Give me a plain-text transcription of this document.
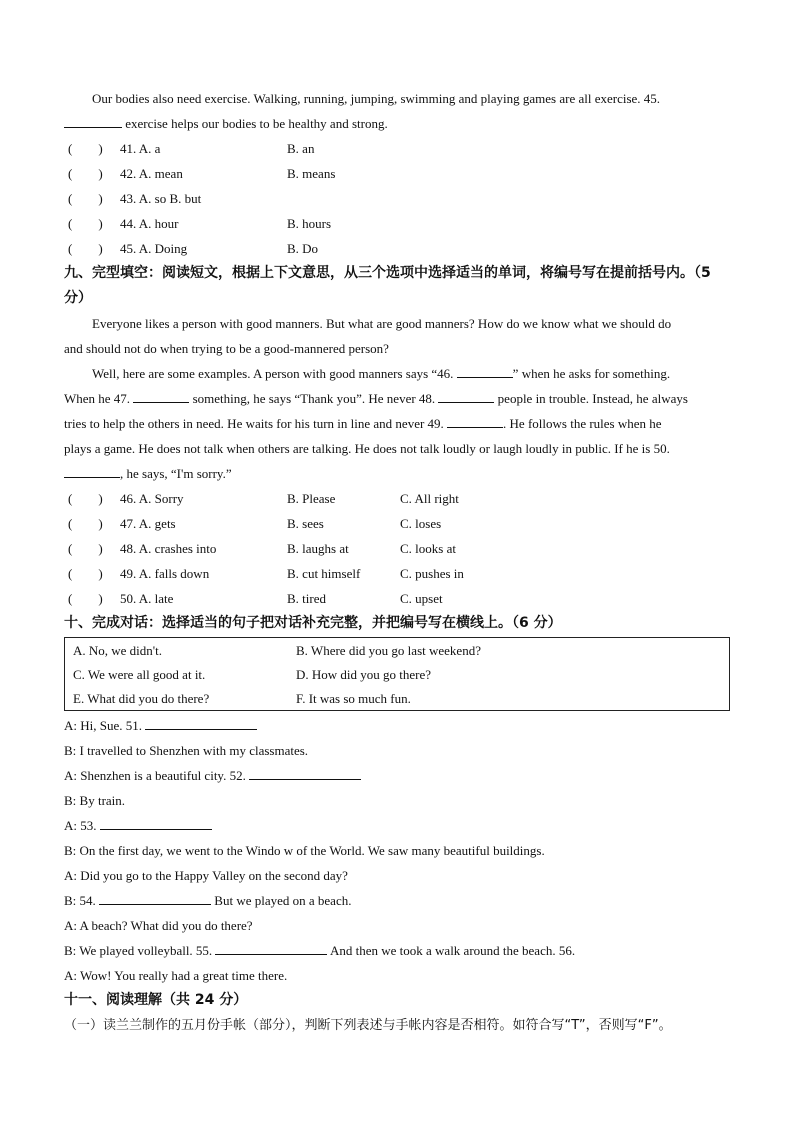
Our bodies also need exercise. Walking, running, jumping, swimming and playing games are all exercise. 45.
exercise helps our bodies to be healthy and strong.
(　　) 41. A. a	B. an
(　　) 42. A. mean	B. means
(　　) 43. A. so B. but
(　　) 44. A. hour	B. hours
(　　) 45. A. Doing	B. Do
九、完型填空：阅读短文，根据上下文意思，从三个选项中选择适当的单词，将编号写在提前括号内。（5 分）
Everyone likes a person with good manners. But what are good manners? How do we know what we should do
and should not do when trying to be a good-mannered person?
Well, here are some examples. A person with good manners says “46.	” when he asks for something.
When he 47.	something, he says “Thank you”. He never 48.	people in trouble. Instead, he always
tries to help the others in need. He waits for his turn in line and never 49.	. He follows the rules when he
plays a game. He does not talk when others are talking. He does not talk loudly or laugh loudly in public. If he is 50.
, he says, “I'm sorry.”
(　　) 46. A. Sorry	B. Please	C. All right
(　　) 47. A. gets	B. sees	C. loses
(　　) 48. A. crashes into	B. laughs at	C. looks at
(　　) 49. A. falls down	B. cut himself	C. pushes in
(　　) 50. A. late	B. tired	C. upset
十、完成对话：选择适当的句子把对话补充完整，并把编号写在横线上。（6 分）
A. No, we didn't.	B. Where did you go last weekend?
C. We were all good at it.	D. How did you go there?
E. What did you do there?	F. It was so much fun.
A: Hi, Sue. 51.
B: I travelled to Shenzhen with my classmates.
A: Shenzhen is a beautiful city. 52.
B: By train.
A: 53.
B: On the first day, we went to the Windo w of the World. We saw many beautiful buildings.
A: Did you go to the Happy Valley on the second day?
B: 54.	But we played on a beach.
A: A beach? What did you do there?
B: We played volleyball. 55.	And then we took a walk around the beach. 56.
A: Wow! You really had a great time there.
十一、阅读理解（共 24 分）
（一）读兰兰制作的五月份手帐（部分），判断下列表述与手帐内容是否相符。如符合写“T”，否则写“F”。
